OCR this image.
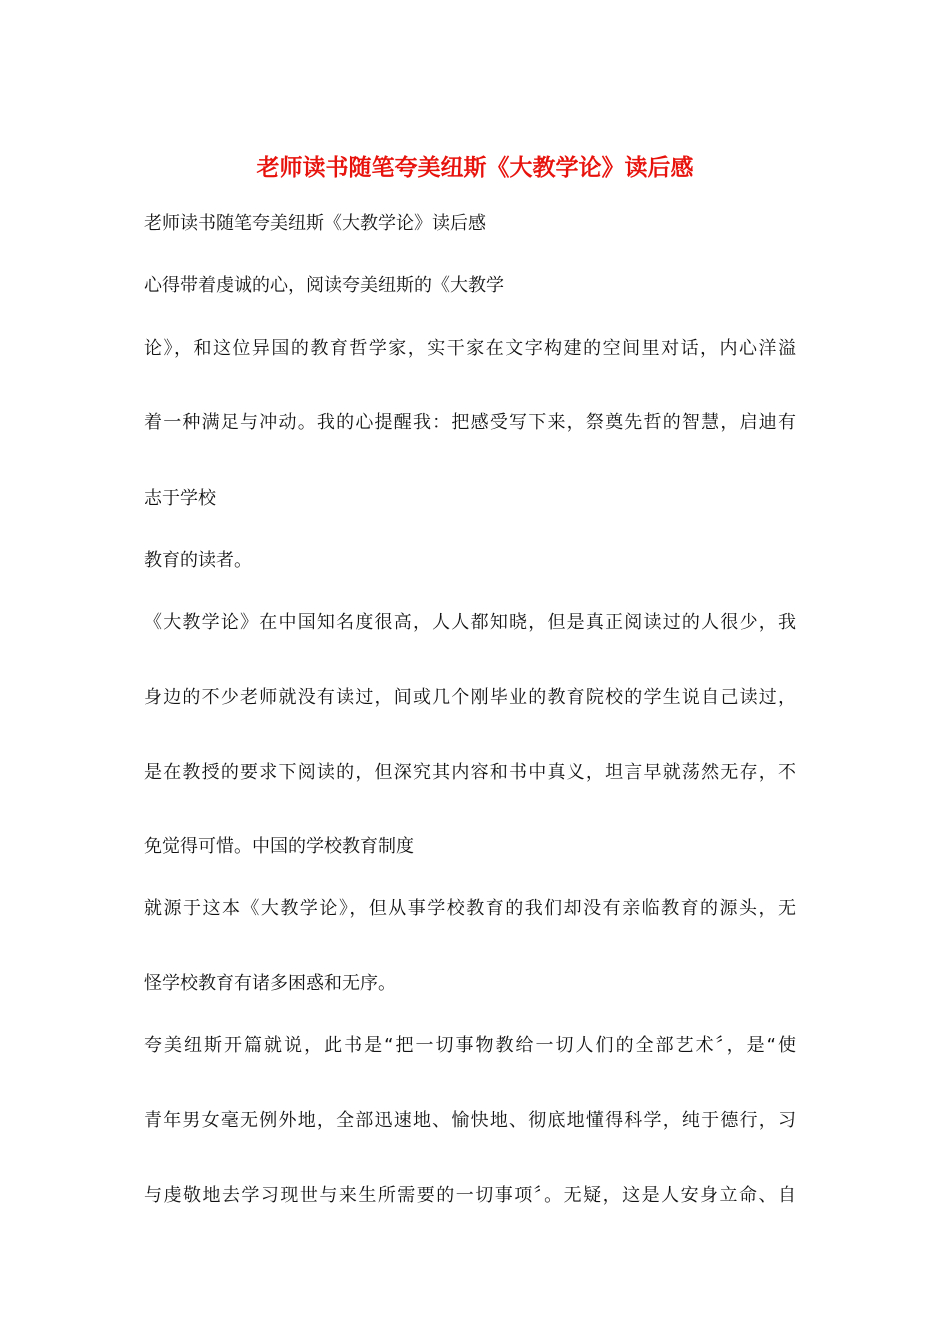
老师读书随笔夸美纽斯《大教学论》读后感
老师读书随笔夸美纽斯《大教学论》读后感
心得带着虔诚的心，阅读夸美纽斯的《大教学
论》，和这位异国的教育哲学家，实干家在文字构建的空间里对话，内心洋溢
着一种满足与冲动。我的心提醒我：把感受写下来，祭奠先哲的智慧，启迪有
志于学校
教育的读者。
《大教学论》在中国知名度很高，人人都知晓，但是真正阅读过的人很少，我
身边的不少老师就没有读过，间或几个刚毕业的教育院校的学生说自己读过，
是在教授的要求下阅读的，但深究其内容和书中真义，坦言早就荡然无存，不
免觉得可惜。中国的学校教育制度
就源于这本《大教学论》，但从事学校教育的我们却没有亲临教育的源头，无
怪学校教育有诸多困惑和无序。
夸美纽斯开篇就说，此书是“把一切事物教给一切人们的全部艺术〞，是“使
青年男女毫无例外地，全部迅速地、愉快地、彻底地懂得科学，纯于德行，习
与虔敬地去学习现世与来生所需要的一切事项〞。无疑，这是人安身立命、自
